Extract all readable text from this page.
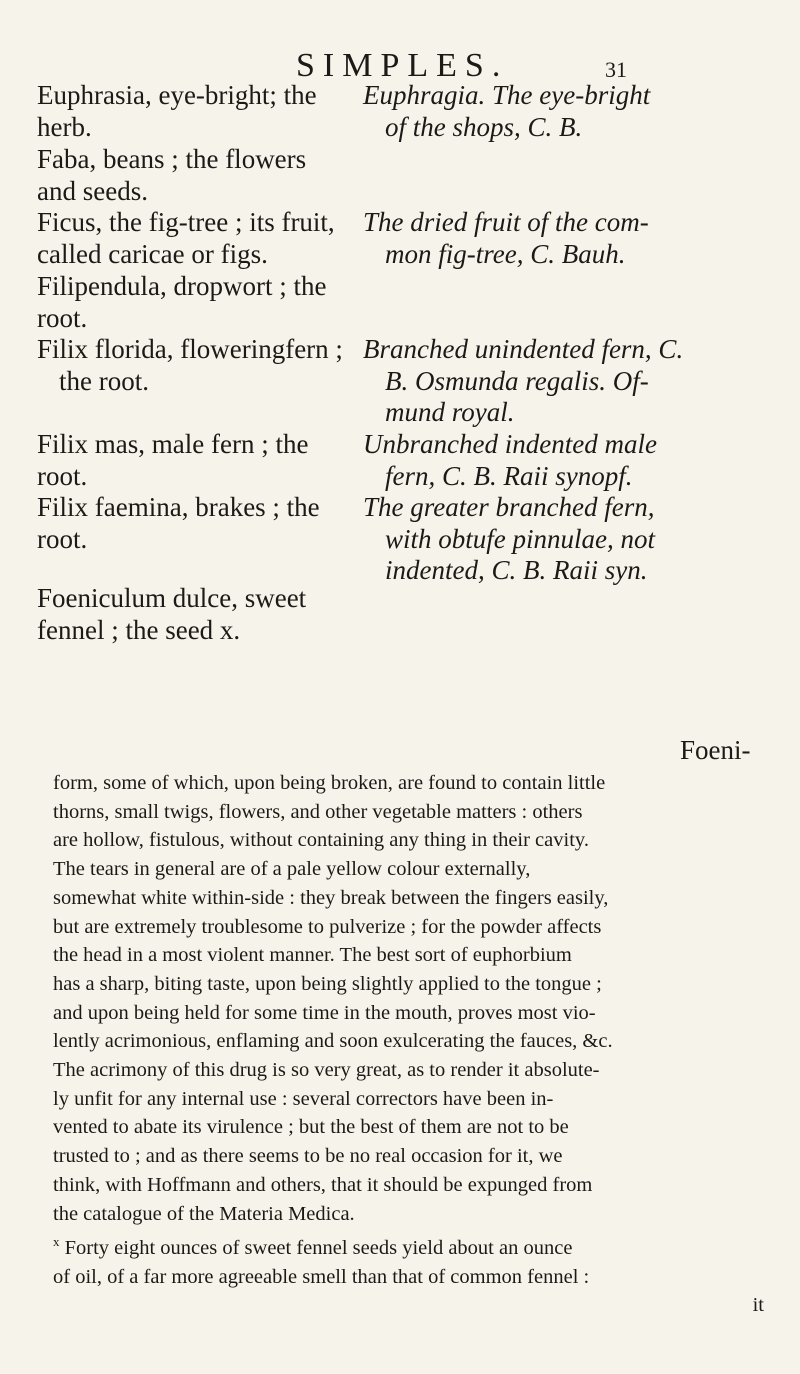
SIMPLES.	31
Euphrasia, eye-bright; the
herb.
Faba, beans ; the flowers
and seeds.
Ficus, the fig-tree ; its fruit,
called caricae or figs.
Filipendula, dropwort ; the
root.
Filix florida, floweringfern ;
the root.
Filix mas, male fern ; the
root.
Filix faemina, brakes ; the
root.
Foeniculum dulce, sweet
fennel ; the seed x.
Euphragia. The eye-bright
of the shops, C. B.
The dried fruit of the com-
mon fig-tree, C. Bauh.
Branched unindented fern, C.
B. Osmunda regalis. Of-
mund royal.
Unbranched indented male
fern, C. B. Raii synopf.
The greater branched fern,
with obtufe pinnulae, not
indented, C. B. Raii syn.
Foeni-

form, some of which, upon being broken, are found to contain little

thorns, small twigs, flowers, and other vegetable matters : others

are hollow, fistulous, without containing any thing in their cavity.

The tears in general are of a pale yellow colour externally,

somewhat white within-side : they break between the fingers easily,

but are extremely troublesome to pulverize ; for the powder affects

the head in a most violent manner. The best sort of euphorbium

has a sharp, biting taste, upon being slightly applied to the tongue ;

and upon being held for some time in the mouth, proves most vio-

lently acrimonious, enflaming and soon exulcerating the fauces, &c.

The acrimony of this drug is so very great, as to render it absolute-

ly unfit for any internal use : several correctors have been in-

vented to abate its virulence ; but the best of them are not to be

trusted to ; and as there seems to be no real occasion for it, we

think, with Hoffmann and others, that it should be expunged from

the catalogue of the Materia Medica.

$^x$ Forty eight ounces of sweet fennel seeds yield about an ounce

of oil, of a far more agreeable smell than that of common fennel :

it
